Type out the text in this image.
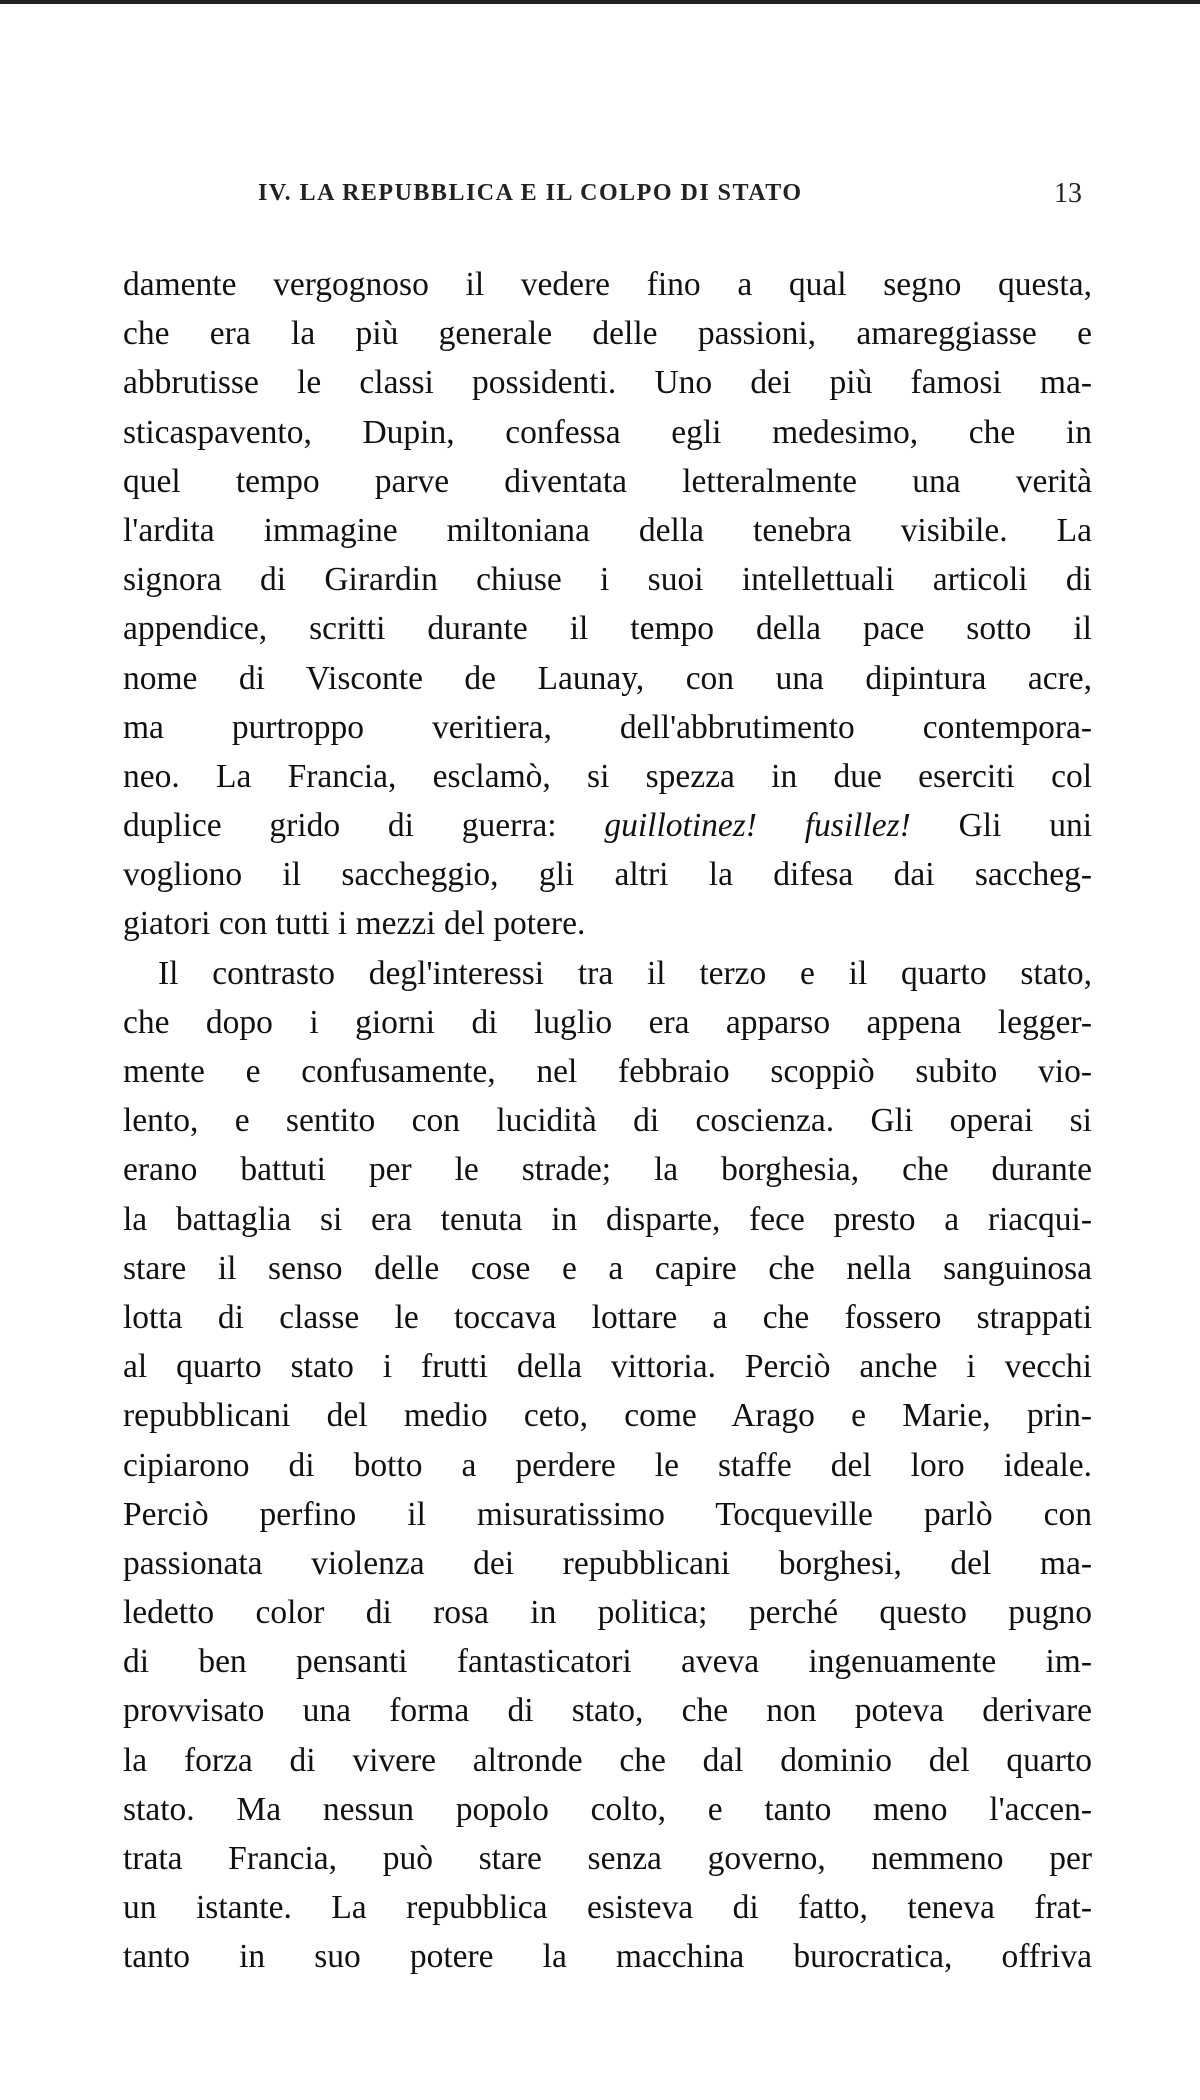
IV. LA REPUBBLICA E IL COLPO DI STATO	13
damente vergognoso il vedere fino a qual segno questa,
che era la più generale delle passioni, amareggiasse e
abbrutisse le classi possidenti. Uno dei più famosi ma-
sticaspavento, Dupin, confessa egli medesimo, che in
quel tempo parve diventata letteralmente una verità
l'ardita immagine miltoniana della tenebra visibile. La
signora di Girardin chiuse i suoi intellettuali articoli di
appendice, scritti durante il tempo della pace sotto il
nome di Visconte de Launay, con una dipintura acre,
ma purtroppo veritiera, dell'abbrutimento contempora-
neo. La Francia, esclamò, si spezza in due eserciti col
duplice grido di guerra: guillotinez! fusillez! Gli uni
vogliono il saccheggio, gli altri la difesa dai saccheg-
giatori con tutti i mezzi del potere.
Il contrasto degl'interessi tra il terzo e il quarto stato,
che dopo i giorni di luglio era apparso appena legger-
mente e confusamente, nel febbraio scoppiò subito vio-
lento, e sentito con lucidità di coscienza. Gli operai si
erano battuti per le strade; la borghesia, che durante
la battaglia si era tenuta in disparte, fece presto a riacqui-
stare il senso delle cose e a capire che nella sanguinosa
lotta di classe le toccava lottare a che fossero strappati
al quarto stato i frutti della vittoria. Perciò anche i vecchi
repubblicani del medio ceto, come Arago e Marie, prin-
cipiarono di botto a perdere le staffe del loro ideale.
Perciò perfino il misuratissimo Tocqueville parlò con
passionata violenza dei repubblicani borghesi, del ma-
ledetto color di rosa in politica; perché questo pugno
di ben pensanti fantasticatori aveva ingenuamente im-
provvisato una forma di stato, che non poteva derivare
la forza di vivere altronde che dal dominio del quarto
stato. Ma nessun popolo colto, e tanto meno l'accen-
trata Francia, può stare senza governo, nemmeno per
un istante. La repubblica esisteva di fatto, teneva frat-
tanto in suo potere la macchina burocratica, offriva
